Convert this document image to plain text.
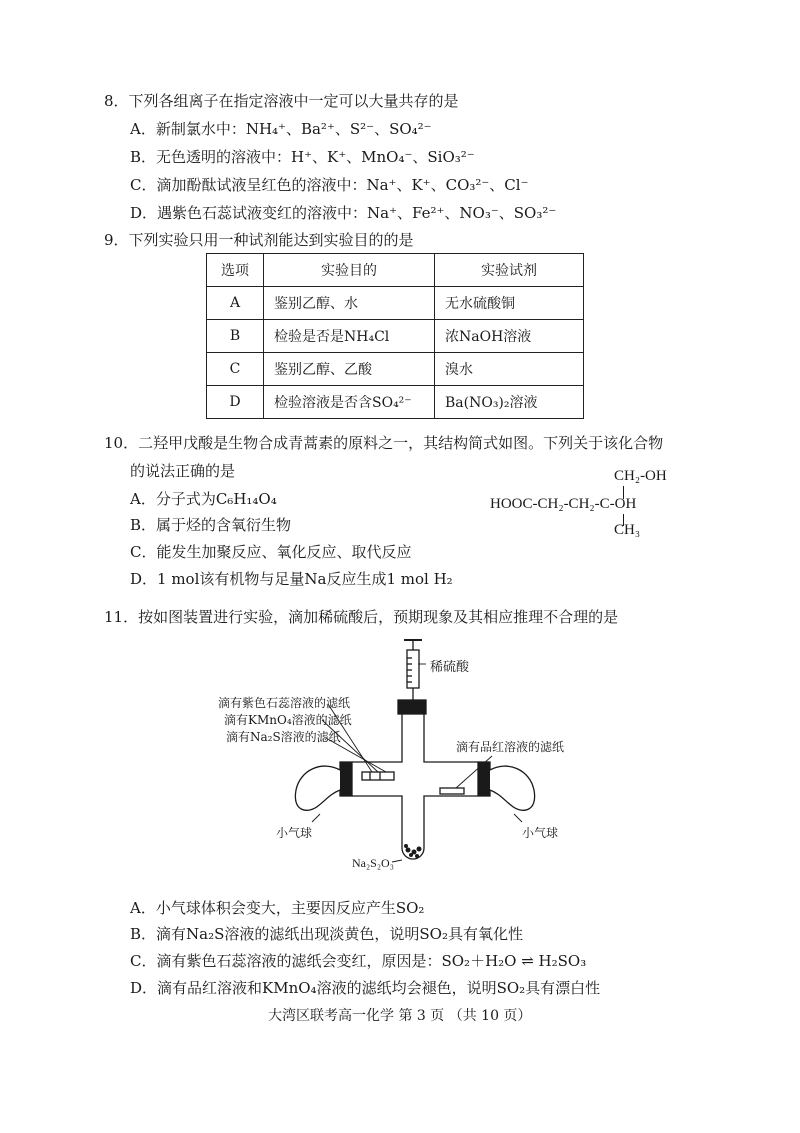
8．下列各组离子在指定溶液中一定可以大量共存的是
A．新制氯水中：NH₄⁺、Ba²⁺、S²⁻、SO₄²⁻
B．无色透明的溶液中：H⁺、K⁺、MnO₄⁻、SiO₃²⁻
C．滴加酚酞试液呈红色的溶液中：Na⁺、K⁺、CO₃²⁻、Cl⁻
D．遇紫色石蕊试液变红的溶液中：Na⁺、Fe²⁺、NO₃⁻、SO₃²⁻
9．下列实验只用一种试剂能达到实验目的的是
选项	实验目的	实验试剂
A	鉴别乙醇、水	无水硫酸铜
B	检验是否是NH₄Cl	浓NaOH溶液
C	鉴别乙醇、乙酸	溴水
D	检验溶液是否含SO₄²⁻	Ba(NO₃)₂溶液
10．二羟甲戊酸是生物合成青蒿素的原料之一，其结构简式如图。下列关于该化合物
的说法正确的是
A．分子式为C₆H₁₄O₄
B．属于烃的含氧衍生物
C．能发生加聚反应、氧化反应、取代反应
D．1 mol该有机物与足量Na反应生成1 mol H₂
CH₂-OH
HOOC-CH₂-CH₂-C-OH
CH₃
11．按如图装置进行实验，滴加稀硫酸后，预期现象及其相应推理不合理的是
稀硫酸
滴有紫色石蕊溶液的滤纸
滴有KMnO₄溶液的滤纸
滴有Na₂S溶液的滤纸
滴有品红溶液的滤纸
小气球	小气球
Na₂S₂O₃
A．小气球体积会变大，主要因反应产生SO₂
B．滴有Na₂S溶液的滤纸出现淡黄色，说明SO₂具有氧化性
C．滴有紫色石蕊溶液的滤纸会变红，原因是：SO₂＋H₂O ⇌ H₂SO₃
D．滴有品红溶液和KMnO₄溶液的滤纸均会褪色，说明SO₂具有漂白性
大湾区联考高一化学 第 3 页 （共 10 页）
